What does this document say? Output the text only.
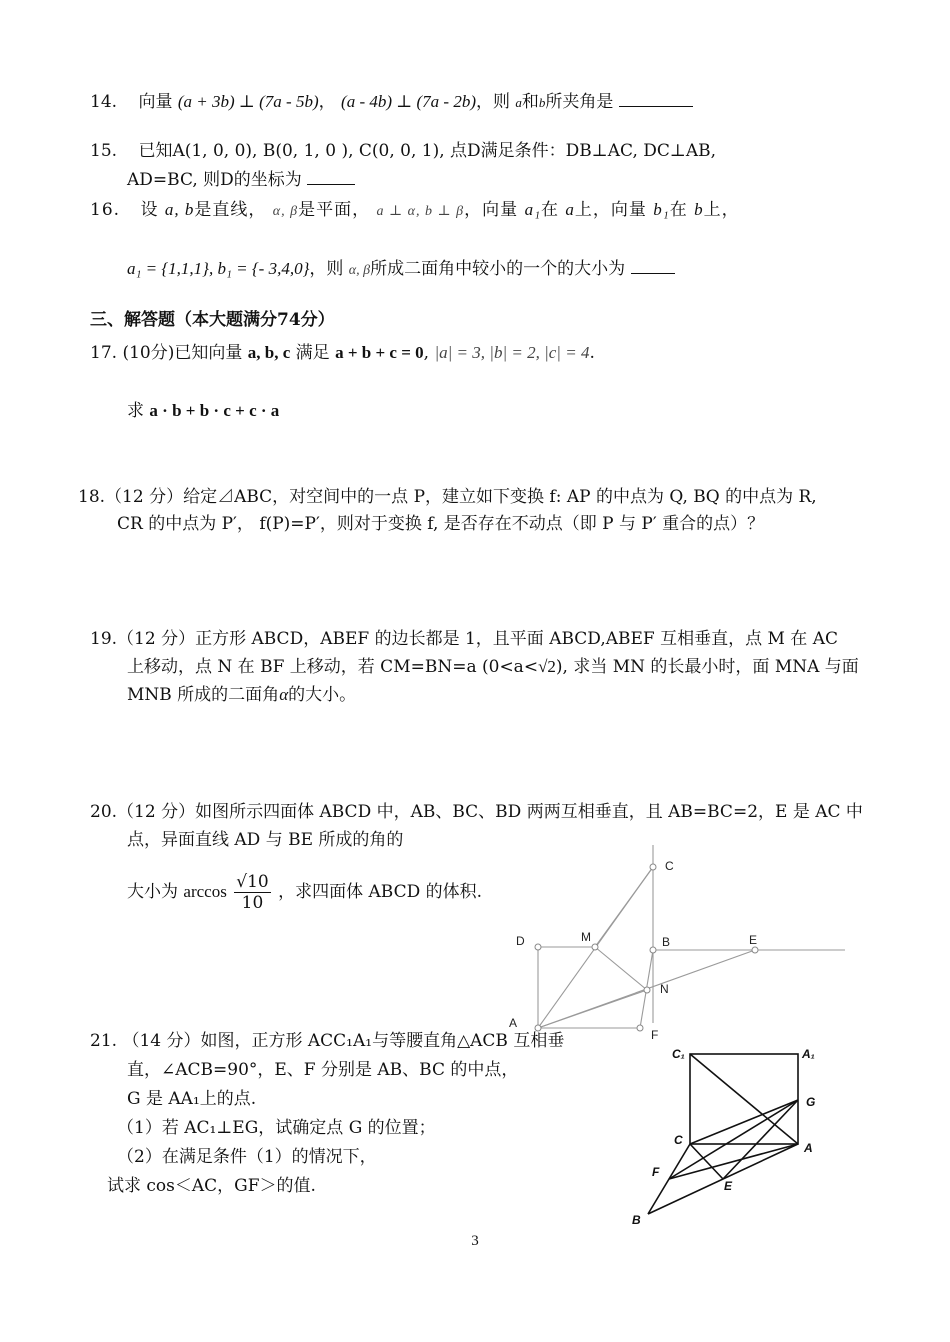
14. 向量 (a + 3b) ⊥ (7a - 5b)， (a - 4b) ⊥ (7a - 2b)，则 a和b所夹角是
15. 已知A(1, 0, 0), B(0, 1, 0 ), C(0, 0, 1), 点D满足条件：DB⊥AC, DC⊥AB,
AD=BC, 则D的坐标为
16. 设 a, b是直线， α, β是平面， a ⊥ α, b ⊥ β，向量 a₁在 a上，向量 b₁在 b上，
a₁ = {1,1,1}, b₁ = {- 3,4,0}，则 α, β所成二面角中较小的一个的大小为
三、解答题（本大题满分74分）
17. (10分)已知向量 a, b, c 满足 a + b + c = 0, |a| = 3, |b| = 2, |c| = 4.
求 a · b + b · c + c · a
18.（12 分）给定⊿ABC，对空间中的一点 P，建立如下变换 f: AP 的中点为 Q, BQ 的中点为 R,
CR 的中点为 P′， f(P)=P′，则对于变换 f, 是否存在不动点（即 P 与 P′ 重合的点）？
19.（12 分）正方形 ABCD，ABEF 的边长都是 1，且平面 ABCD,ABEF 互相垂直，点 M 在 AC
上移动，点 N 在 BF 上移动，若 CM=BN=a (0<a<√2), 求当 MN 的长最小时，面 MNA 与面
MNB 所成的二面角α的大小。
20.（12 分）如图所示四面体 ABCD 中，AB、BC、BD 两两互相垂直，且 AB=BC=2，E 是 AC 中
点，异面直线 AD 与 BE 所成的角的
大小为 $\arccos \frac{√10}{10}$ ，求四面体 ABCD 的体积.
C
D	M	B	E
N
A
F
21. （14 分）如图，正方形 ACC₁A₁与等腰直角△ACB 互相垂
直，∠ACB=90°，E、F 分别是 AB、BC 的中点，
G 是 AA₁上的点.
（1）若 AC₁⊥EG，试确定点 G 的位置；
（2）在满足条件（1）的情况下，
试求 cos＜AC，GF＞的值.
C₁	A₁
G
C
A
F
E
B
3
